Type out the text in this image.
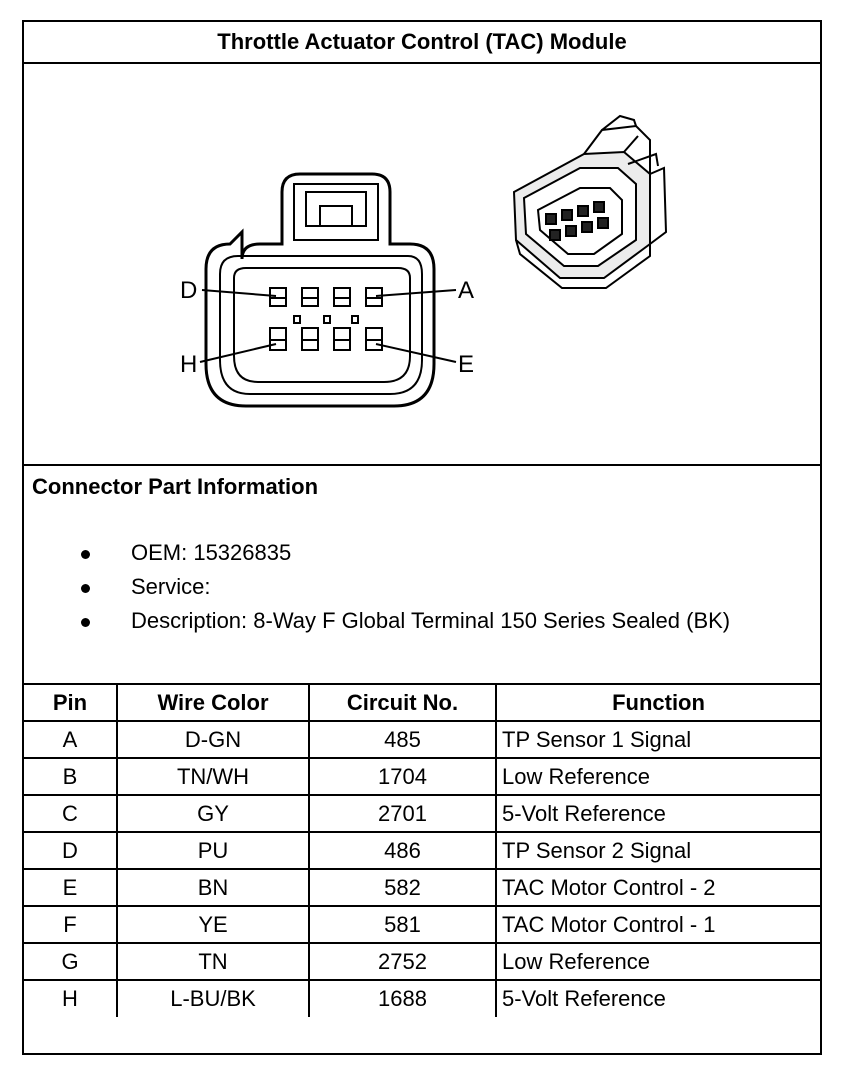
Throttle Actuator Control (TAC) Module
D	A
H	E
Connector Part Information
OEM: 15326835
Service:
Description: 8-Way F Global Terminal 150 Series Sealed (BK)
Pin	Wire Color	Circuit No.	Function
A	D-GN	485	TP Sensor 1 Signal
B	TN/WH	1704	Low Reference
C	GY	2701	5-Volt Reference
D	PU	486	TP Sensor 2 Signal
E	BN	582	TAC Motor Control - 2
F	YE	581	TAC Motor Control - 1
G	TN	2752	Low Reference
H	L-BU/BK	1688	5-Volt Reference
